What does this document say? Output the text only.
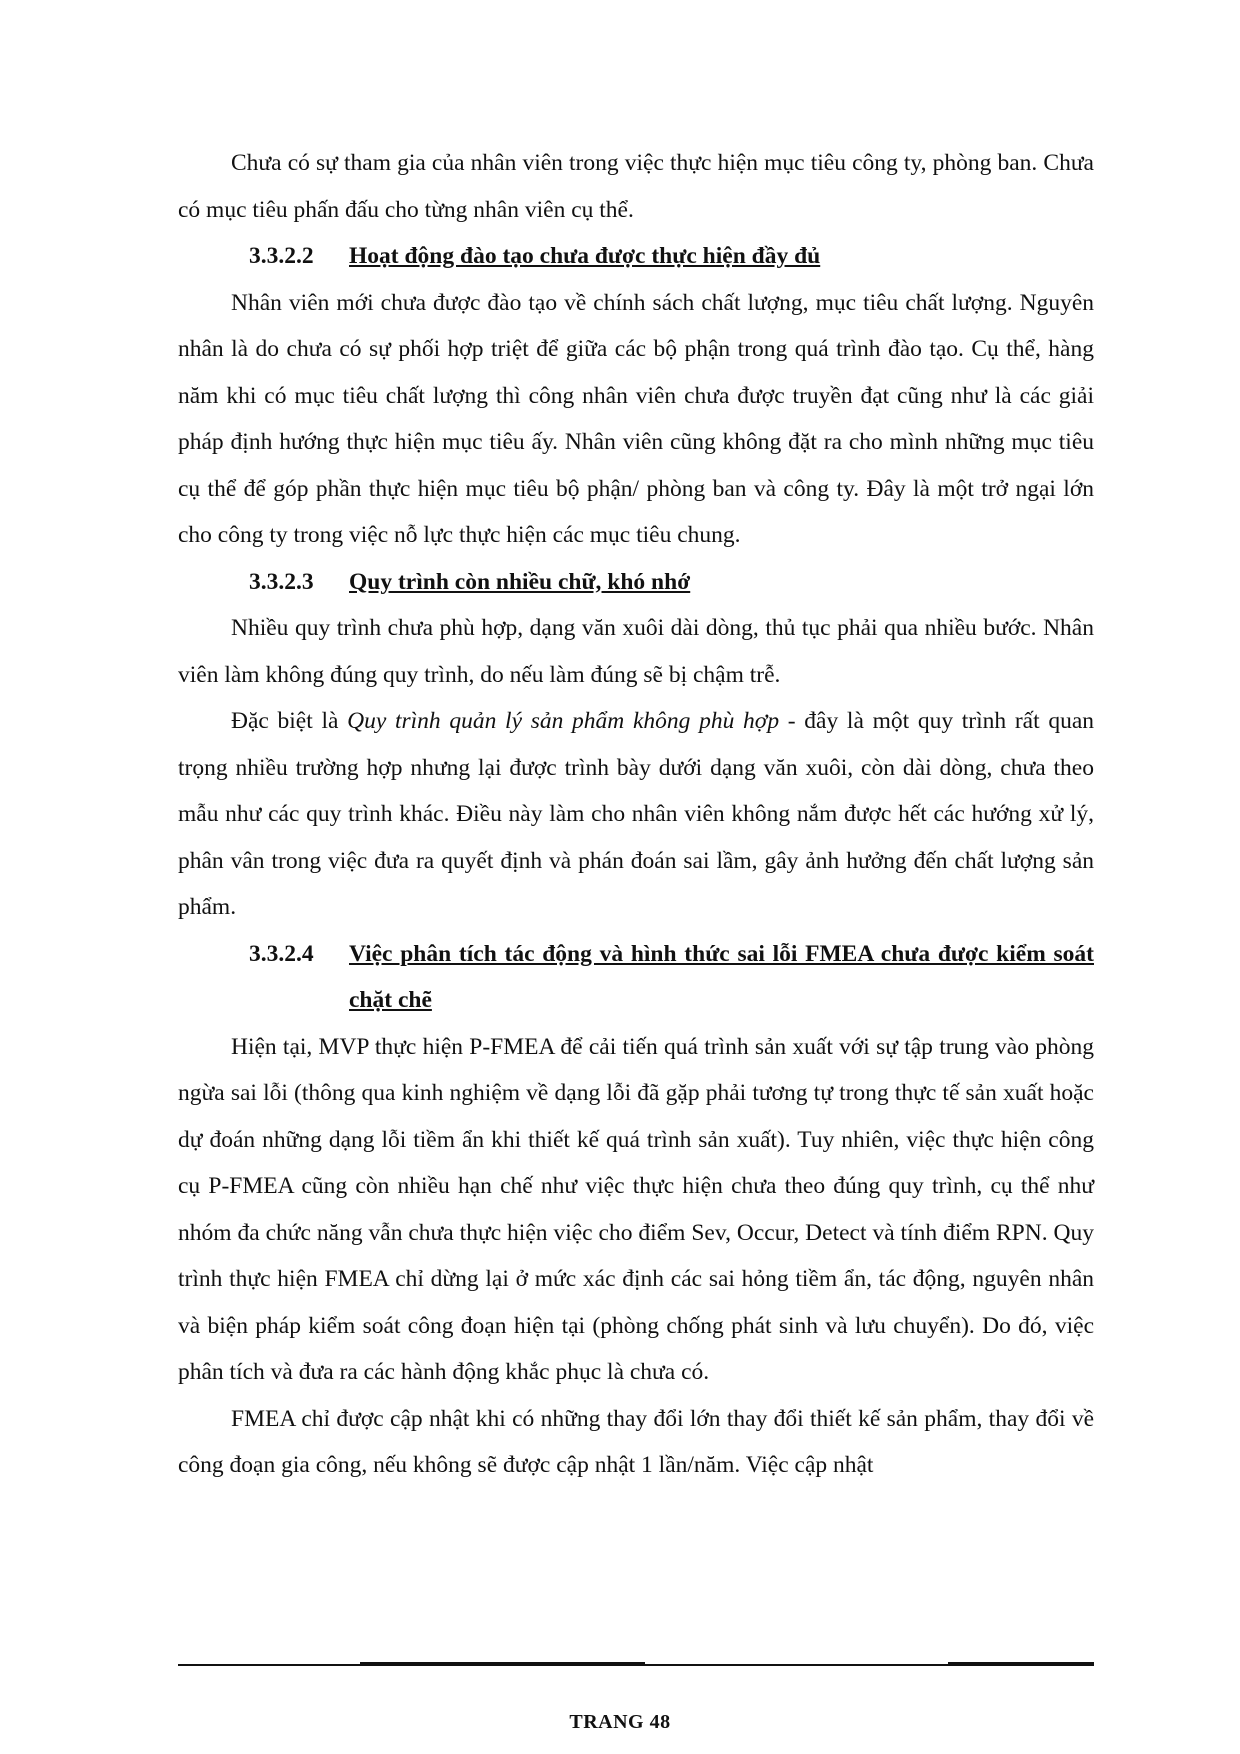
Chưa có sự tham gia của nhân viên trong việc thực hiện mục tiêu công ty, phòng ban. Chưa có mục tiêu phấn đấu cho từng nhân viên cụ thể.

3.3.2.2	Hoạt động đào tạo chưa được thực hiện đầy đủ

Nhân viên mới chưa được đào tạo về chính sách chất lượng, mục tiêu chất lượng. Nguyên nhân là do chưa có sự phối hợp triệt để giữa các bộ phận trong quá trình đào tạo. Cụ thể, hàng năm khi có mục tiêu chất lượng thì công nhân viên chưa được truyền đạt cũng như là các giải pháp định hướng thực hiện mục tiêu ấy. Nhân viên cũng không đặt ra cho mình những mục tiêu cụ thể để góp phần thực hiện mục tiêu bộ phận/ phòng ban và công ty. Đây là một trở ngại lớn cho công ty trong việc nỗ lực thực hiện các mục tiêu chung.

3.3.2.3	Quy trình còn nhiều chữ, khó nhớ

Nhiều quy trình chưa phù hợp, dạng văn xuôi dài dòng, thủ tục phải qua nhiều bước. Nhân viên làm không đúng quy trình, do nếu làm đúng sẽ bị chậm trễ.

Đặc biệt là Quy trình quản lý sản phẩm không phù hợp - đây là một quy trình rất quan trọng nhiều trường hợp nhưng lại được trình bày dưới dạng văn xuôi, còn dài dòng, chưa theo mẫu như các quy trình khác. Điều này làm cho nhân viên không nắm được hết các hướng xử lý, phân vân trong việc đưa ra quyết định và phán đoán sai lầm, gây ảnh hưởng đến chất lượng sản phẩm.

3.3.2.4	Việc phân tích tác động và hình thức sai lỗi FMEA chưa được kiểm soát chặt chẽ

Hiện tại, MVP thực hiện P-FMEA để cải tiến quá trình sản xuất với sự tập trung vào phòng ngừa sai lỗi (thông qua kinh nghiệm về dạng lỗi đã gặp phải tương tự trong thực tế sản xuất hoặc dự đoán những dạng lỗi tiềm ẩn khi thiết kế quá trình sản xuất). Tuy nhiên, việc thực hiện công cụ P-FMEA cũng còn nhiều hạn chế như việc thực hiện chưa theo đúng quy trình, cụ thể như nhóm đa chức năng vẫn chưa thực hiện việc cho điểm Sev, Occur, Detect và tính điểm RPN. Quy trình thực hiện FMEA chỉ dừng lại ở mức xác định các sai hỏng tiềm ẩn, tác động, nguyên nhân và biện pháp kiểm soát công đoạn hiện tại (phòng chống phát sinh và lưu chuyển). Do đó, việc phân tích và đưa ra các hành động khắc phục là chưa có.

FMEA chỉ được cập nhật khi có những thay đổi lớn thay đổi thiết kế sản phẩm, thay đổi về công đoạn gia công, nếu không sẽ được cập nhật 1 lần/năm. Việc cập nhật

TRANG 48
